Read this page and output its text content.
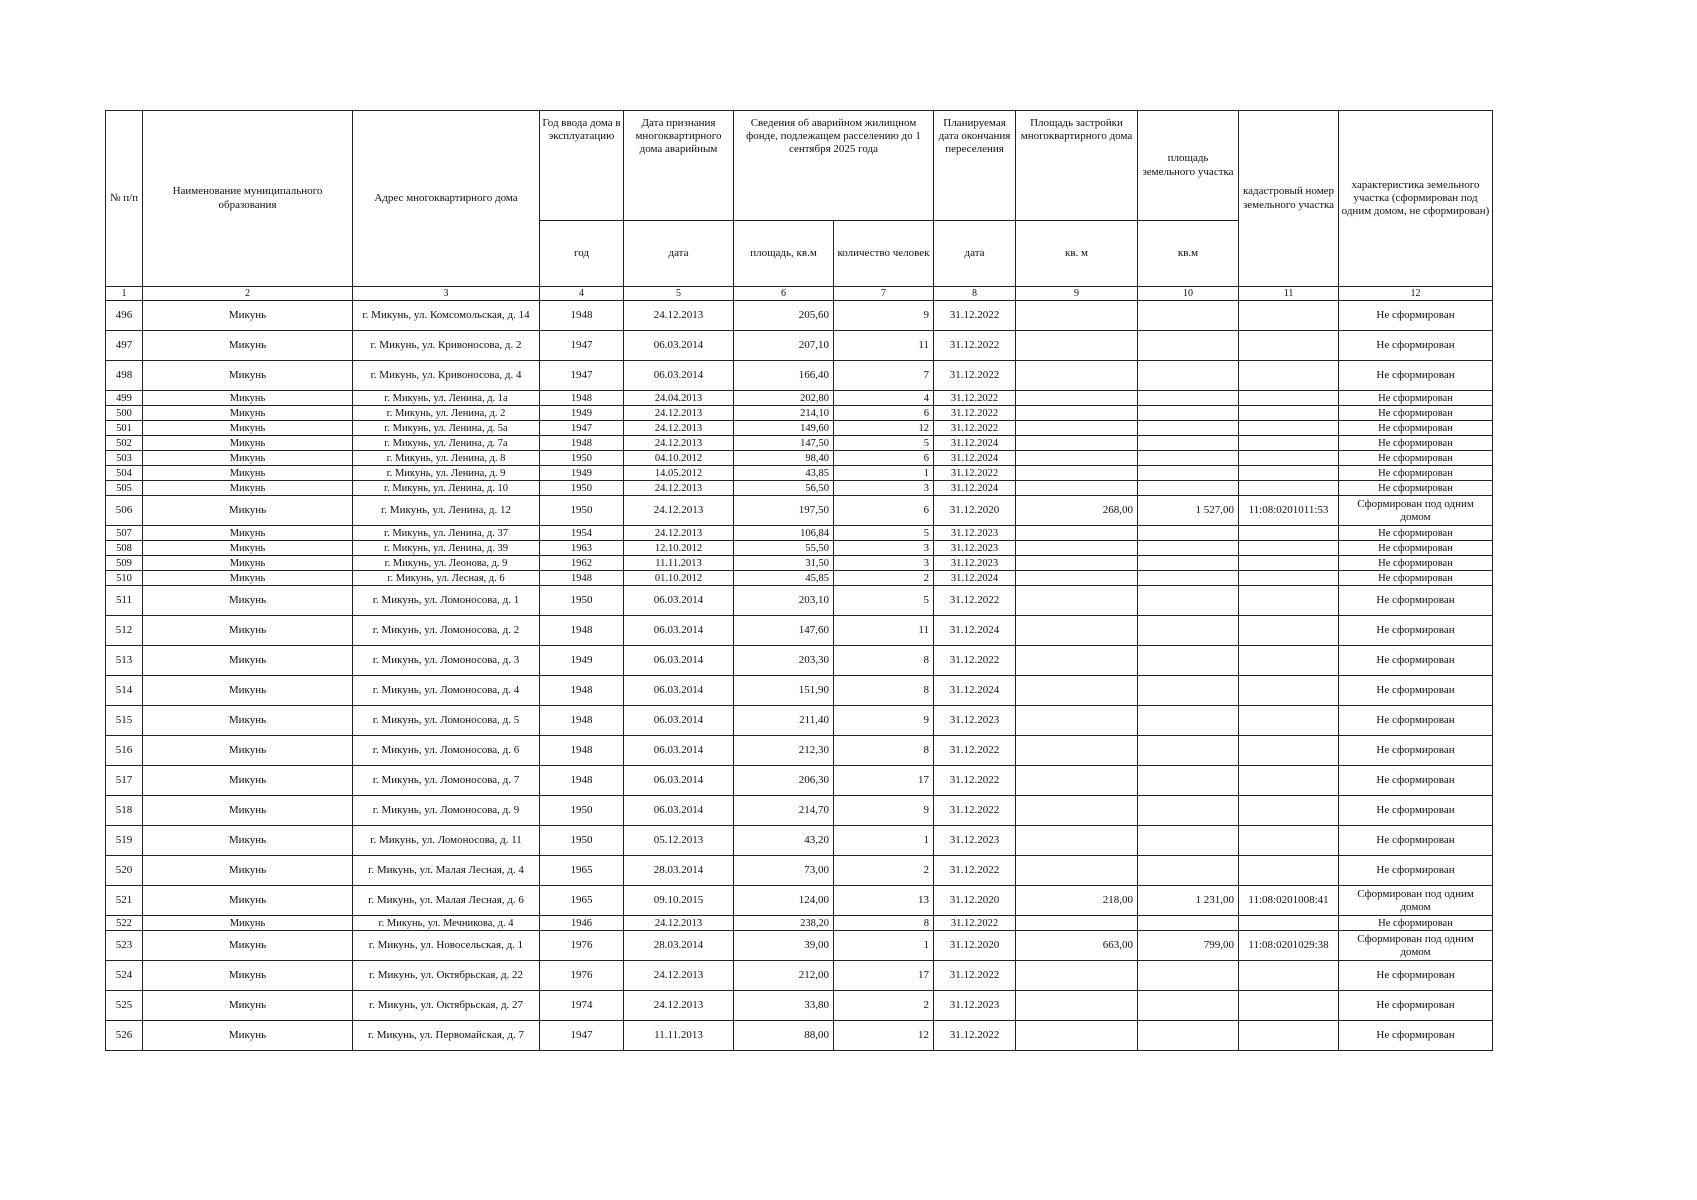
№ п/п	Наименование муниципального образования	Адрес многоквартирного дома	Год ввода дома в эксплуатацию	Дата признания многоквартирного дома аварийным	Сведения об аварийном жилищном фонде, подлежащем расселению до 1 сентября 2025 года		Планируемая дата окончания переселения	Площадь застройки многоквартирного дома	площадь земельного участка	кадастровый номер земельного участка	характеристика земельного участка (сформирован под одним домом, не сформирован)
			год	дата	площадь, кв.м	количество человек	дата	кв. м	кв.м		
1	2	3	4	5	6	7	8	9	10	11	12
496	Микунь	г. Микунь, ул. Комсомольская, д. 14	1948	24.12.2013	205,60	9	31.12.2022				Не сформирован
497	Микунь	г. Микунь, ул. Кривоносова, д. 2	1947	06.03.2014	207,10	11	31.12.2022				Не сформирован
498	Микунь	г. Микунь, ул. Кривоносова, д. 4	1947	06.03.2014	166,40	7	31.12.2022				Не сформирован
499	Микунь	г. Микунь, ул. Ленина, д. 1а	1948	24.04.2013	202,80	4	31.12.2022				Не сформирован
500	Микунь	г. Микунь, ул. Ленина, д. 2	1949	24.12.2013	214,10	6	31.12.2022				Не сформирован
501	Микунь	г. Микунь, ул. Ленина, д. 5а	1947	24.12.2013	149,60	12	31.12.2022				Не сформирован
502	Микунь	г. Микунь, ул. Ленина, д. 7а	1948	24.12.2013	147,50	5	31.12.2024				Не сформирован
503	Микунь	г. Микунь, ул. Ленина, д. 8	1950	04.10.2012	98,40	6	31.12.2024				Не сформирован
504	Микунь	г. Микунь, ул. Ленина, д. 9	1949	14.05.2012	43,85	1	31.12.2022				Не сформирован
505	Микунь	г. Микунь, ул. Ленина, д. 10	1950	24.12.2013	56,50	3	31.12.2024				Не сформирован
506	Микунь	г. Микунь, ул. Ленина, д. 12	1950	24.12.2013	197,50	6	31.12.2020	268,00	1 527,00	11:08:0201011:53	Сформирован под одним домом
507	Микунь	г. Микунь, ул. Ленина, д. 37	1954	24.12.2013	106,84	5	31.12.2023				Не сформирован
508	Микунь	г. Микунь, ул. Ленина, д. 39	1963	12.10.2012	55,50	3	31.12.2023				Не сформирован
509	Микунь	г. Микунь, ул. Леонова, д. 9	1962	11.11.2013	31,50	3	31.12.2023				Не сформирован
510	Микунь	г. Микунь, ул. Лесная, д. 6	1948	01.10.2012	45,85	2	31.12.2024				Не сформирован
511	Микунь	г. Микунь, ул. Ломоносова, д. 1	1950	06.03.2014	203,10	5	31.12.2022				Не сформирован
512	Микунь	г. Микунь, ул. Ломоносова, д. 2	1948	06.03.2014	147,60	11	31.12.2024				Не сформирован
513	Микунь	г. Микунь, ул. Ломоносова, д. 3	1949	06.03.2014	203,30	8	31.12.2022				Не сформирован
514	Микунь	г. Микунь, ул. Ломоносова, д. 4	1948	06.03.2014	151,90	8	31.12.2024				Не сформирован
515	Микунь	г. Микунь, ул. Ломоносова, д. 5	1948	06.03.2014	211,40	9	31.12.2023				Не сформирован
516	Микунь	г. Микунь, ул. Ломоносова, д. 6	1948	06.03.2014	212,30	8	31.12.2022				Не сформирован
517	Микунь	г. Микунь, ул. Ломоносова, д. 7	1948	06.03.2014	206,30	17	31.12.2022				Не сформирован
518	Микунь	г. Микунь, ул. Ломоносова, д. 9	1950	06.03.2014	214,70	9	31.12.2022				Не сформирован
519	Микунь	г. Микунь, ул. Ломоносова, д. 11	1950	05.12.2013	43,20	1	31.12.2023				Не сформирован
520	Микунь	г. Микунь, ул. Малая Лесная, д. 4	1965	28.03.2014	73,00	2	31.12.2022				Не сформирован
521	Микунь	г. Микунь, ул. Малая Лесная, д. 6	1965	09.10.2015	124,00	13	31.12.2020	218,00	1 231,00	11:08:0201008:41	Сформирован под одним домом
522	Микунь	г. Микунь, ул. Мечникова, д. 4	1946	24.12.2013	238,20	8	31.12.2022				Не сформирован
523	Микунь	г. Микунь, ул. Новосельская, д. 1	1976	28.03.2014	39,00	1	31.12.2020	663,00	799,00	11:08:0201029:38	Сформирован под одним домом
524	Микунь	г. Микунь, ул. Октябрьская, д. 22	1976	24.12.2013	212,00	17	31.12.2022				Не сформирован
525	Микунь	г. Микунь, ул. Октябрьская, д. 27	1974	24.12.2013	33,80	2	31.12.2023				Не сформирован
526	Микунь	г. Микунь, ул. Первомайская, д. 7	1947	11.11.2013	88,00	12	31.12.2022				Не сформирован
